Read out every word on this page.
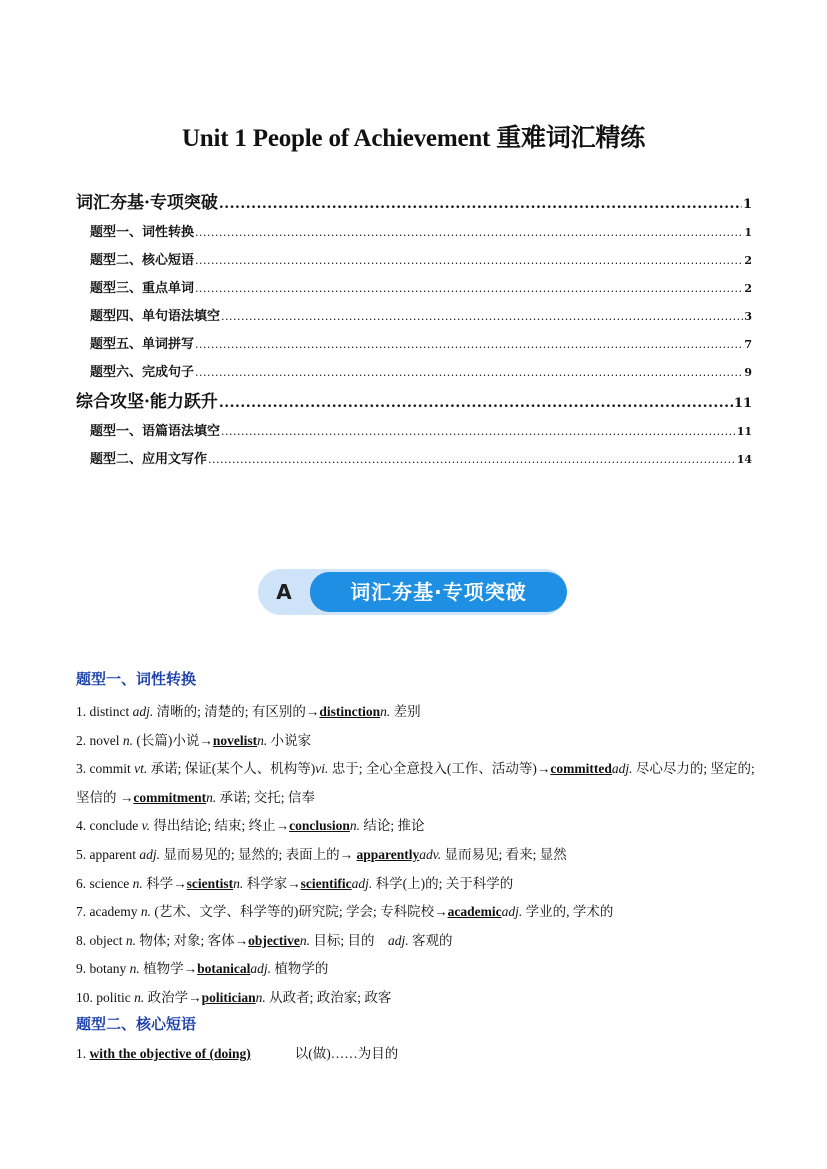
Unit 1 People of Achievement 重难词汇精练
词汇夯基·专项突破 .....	1
题型一、词性转换 .....	1
题型二、核心短语 .....	2
题型三、重点单词 .....	2
题型四、单句语法填空 .....	3
题型五、单词拼写 .....	7
题型六、完成句子 .....	9
综合攻坚·能力跃升 .....	11
题型一、语篇语法填空 .....	11
题型二、应用文写作 .....	14
A	词汇夯基·专项突破
题型一、词性转换
1. distinct adj. 清晰的; 清楚的; 有区别的→distinctionn. 差别
2. novel n. (长篇)小说→novelistn. 小说家
3. commit vt. 承诺; 保证(某个人、机构等)vi. 忠于; 全心全意投入(工作、活动等)→committedadj. 尽心尽力的; 坚定的; 坚信的 →commitmentn. 承诺; 交托; 信奉
4. conclude v. 得出结论; 结束; 终止→conclusionn. 结论; 推论
5. apparent adj. 显而易见的; 显然的; 表面上的→ apparentlyadv. 显而易见; 看来; 显然
6. science n. 科学→scientistn. 科学家→scientificadj. 科学(上)的; 关于科学的
7. academy n. (艺术、文学、科学等的)研究院; 学会; 专科院校→academicadj. 学业的, 学术的
8. object n. 物体; 对象; 客体→objectiven. 目标; 目的　adj. 客观的
9. botany n. 植物学→botanicaladj. 植物学的
10. politic n. 政治学→politiciann. 从政者; 政治家; 政客
题型二、核心短语
1. with the objective of (doing)	以(做)……为目的
